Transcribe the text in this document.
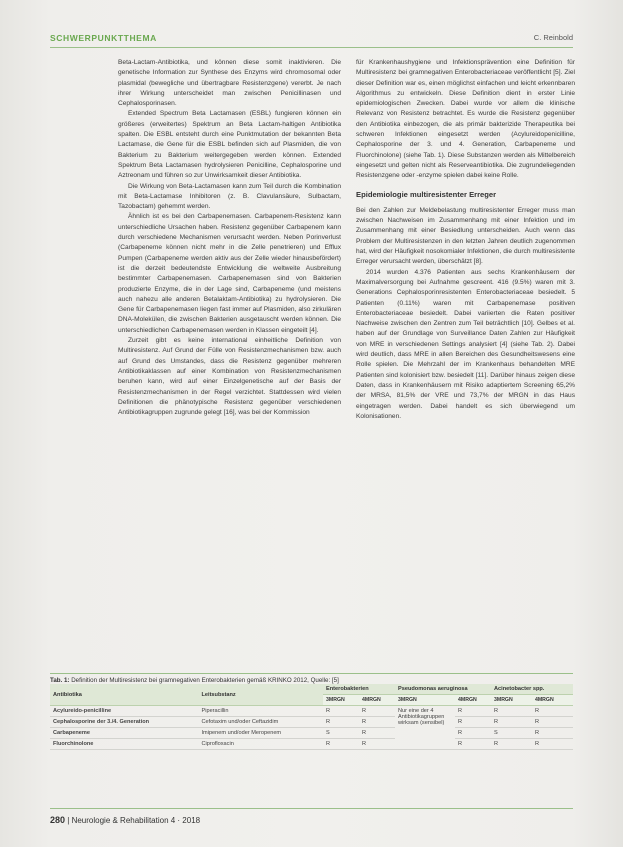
SCHWERPUNKTTHEMA	C. Reinbold

Beta-Lactam-Antibiotika, und können diese somit inaktivieren. Die genetische Information zur Synthese des Enzyms wird chromosomal oder plasmidal (bewegliche und übertragbare Resistenzgene) vererbt. Je nach ihrer Wirkung unterscheidet man zwischen Penicillinasen und Cephalosporinasen.

Extended Spectrum Beta Lactamasen (ESBL) fungieren können ein größeres (erweitertes) Spektrum an Beta Lactam-haltigen Antibiotika spalten. Die ESBL entsteht durch eine Punktmutation der bekannten Beta Lactamase, die Gene für die ESBL befinden sich auf Plasmiden, die von Bakterium zu Bakterium weitergegeben werden können. Extended Spektrum Beta Lactamasen hydrolysieren Penicilline, Cephalosporine und Aztreonam und führen so zur Unwirksamkeit dieser Antibiotika.

Die Wirkung von Beta-Lactamasen kann zum Teil durch die Kombination mit Beta-Lactamase Inhibitoren (z. B. Clavulansäure, Sulbactam, Tazobactam) gehemmt werden.

Ähnlich ist es bei den Carbapenemasen. Carbapenem-Resistenz kann unterschiedliche Ursachen haben. Resistenz gegenüber Carbapenem kann durch verschiedene Mechanismen verursacht werden. Neben Porinverlust (Carbapeneme können nicht mehr in die Zelle penetrieren) und Efflux Pumpen (Carbapeneme werden aktiv aus der Zelle wieder hinausbefördert) ist die derzeit bedeutendste Entwicklung die weltweite Ausbreitung bestimmter Carbapenemasen. Carbapenemasen sind von Bakterien produzierte Enzyme, die in der Lage sind, Carbapeneme (und meistens auch nahezu alle anderen Betalaktam-Antibiotika) zu hydrolysieren. Die Gene für Carbapenemasen liegen fast immer auf Plasmiden, also zirkulären DNA-Molekülen, die zwischen Bakterien ausgetauscht werden können. Die unterschiedlichen Carbapenemasen werden in Klassen eingeteilt [4].

Zurzeit gibt es keine international einheitliche Definition von Multiresistenz. Auf Grund der Fülle von Resistenzmechanismen bzw. auch auf Grund des Umstandes, dass die Resistenz gegenüber mehreren Antibiotikaklassen auf einer Kombination von Resistenzmechanismen beruhen kann, wird auf einer Einzelgenetische auf der Basis der Resistenzmechanismen in der Regel verzichtet. Stattdessen wird vielen Definitionen die phänotypische Resistenz gegenüber verschiedenen Antibiotikagruppen zugrunde gelegt [16], was bei der Kommission

für Krankenhaushygiene und Infektionsprävention eine Definition für Multiresistenz bei gramnegativen Enterobacteriaceae veröffentlicht [5]. Ziel dieser Definition war es, einen möglichst einfachen und leicht erkennbaren Algorithmus zu entwickeln. Diese Definition dient in erster Linie epidemiologischen Zwecken. Dabei wurde vor allem die klinische Relevanz von Resistenz betrachtet. Es wurde die Resistenz gegenüber den Antibiotika einbezogen, die als primär bakterizide Therapeutika bei schweren Infektionen eingesetzt werden (Acylureidopenicilline, Cephalosporine der 3. und 4. Generation, Carbapeneme und Fluorchinolone) (siehe Tab. 1). Diese Substanzen werden als Mittelbereich eingesetzt und gelten nicht als Reserveantibiotika. Die zugrundeliegenden Resistenzgene oder -enzyme spielen dabei keine Rolle.

Epidemiologie multiresistenter Erreger

Bei den Zahlen zur Meldebelastung multiresistenter Erreger muss man zwischen Nachweisen im Zusammenhang mit einer Infektion und im Zusammenhang mit einer Besiedlung unterscheiden. Auch wenn das Problem der Multiresistenzen in den letzten Jahren deutlich zugenommen hat, wird der Häufigkeit nosokomialer Infektionen, die durch multiresistente Erreger verursacht werden, überschätzt [8].

2014 wurden 4.376 Patienten aus sechs Krankenhäusern der Maximalversorgung bei Aufnahme gescreent. 416 (9.5%) waren mit 3. Generations Cephalosporinresistenten Enterobacteriaceae besiedelt. 5 Patienten (0.11%) waren mit Carbapenemase positiven Enterobacteriaceae besiedelt. Dabei variierten die Raten positiver Nachweise zwischen den Zentren zum Teil beträchtlich [10]. Gelbes et al. haben auf der Grundlage von Surveillance Daten Zahlen zur Häufigkeit von MRE in verschiedenen Settings analysiert [4] (siehe Tab. 2). Dabei wird deutlich, dass MRE in allen Bereichen des Gesundheitswesens eine Rolle spielen. Die Mehrzahl der im Krankenhaus behandelten MRE Patienten sind kolonisiert bzw. besiedelt [11]. Darüber hinaus zeigen diese Daten, dass in Krankenhäusern mit Risiko adaptiertem Screening 65,2% der MRSA, 81,5% der VRE und 73,7% der MRGN in das Haus eingetragen werden. Dabei handelt es sich überwiegend um Kolonisationen.

Tab. 1: Definition der Multiresistenz bei gramnegativen Enterobakterien gemäß KRINKO 2012, Quelle: [5]
Antibiotika	Leitsubstanz	Enterobakterien		Pseudomonas aeruginosa		Acinetobacter spp.	
		3MRGN	4MRGN	3MRGN	4MRGN	3MRGN	4MRGN
Acylureido-penicilline	Piperacillin	R	R	Nur eine der 4 Antibiotikagruppen wirksam (sensibel)	R	R	R
Cephalosporine der 3./4. Generation	Cefotaxim und/oder Ceftazidim	R	R		R	R	R
Carbapeneme	Imipenem und/oder Meropenem	S	R		R	S	R
Fluorchinolone	Ciprofloxacin	R	R		R	R	R
280 | Neurologie & Rehabilitation 4 · 2018
